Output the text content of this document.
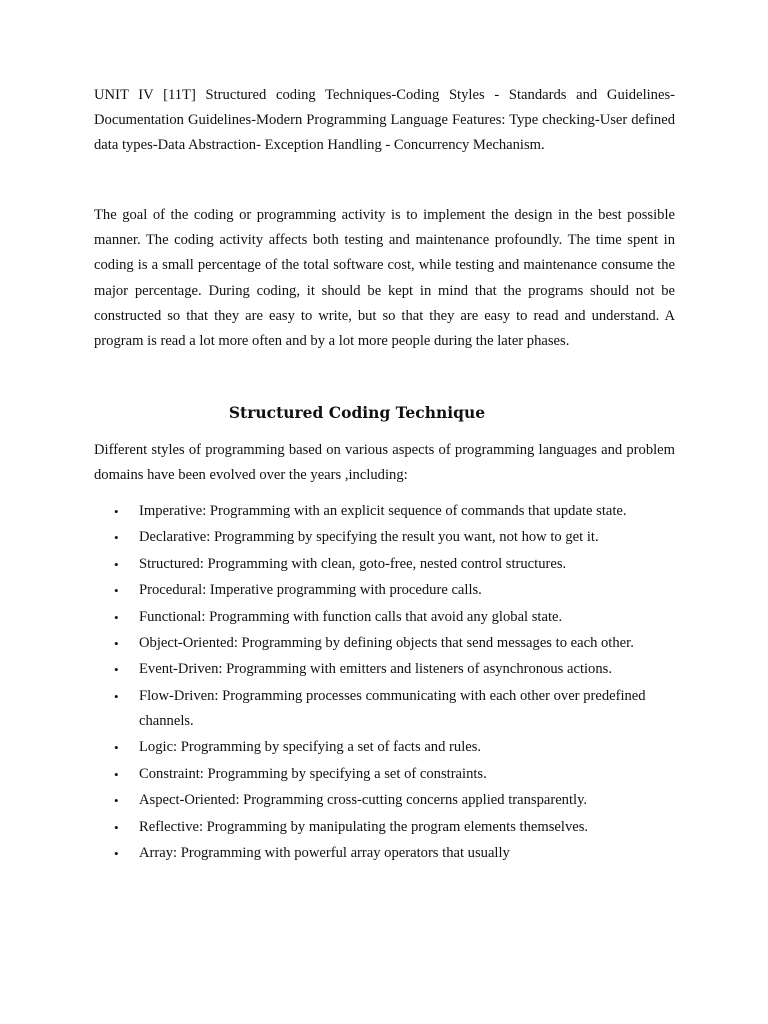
UNIT IV [11T] Structured coding Techniques-Coding Styles - Standards and Guidelines- Documentation Guidelines-Modern Programming Language Features: Type checking-User defined data types-Data Abstraction- Exception Handling - Concurrency Mechanism.
The goal of the coding or programming activity is to implement the design in the best possible manner. The coding activity affects both testing and maintenance profoundly. The time spent in coding is a small percentage of the total software cost, while testing and maintenance consume the major percentage. During coding, it should be kept in mind that the programs should not be constructed so that they are easy to write, but so that they are easy to read and understand. A program is read a lot more often and by a lot more people during the later phases.
Structured Coding Technique
Different styles of programming based on various aspects of programming languages and problem domains have been evolved over the years ,including:
• Imperative: Programming with an explicit sequence of commands that update state.
• Declarative: Programming by specifying the result you want, not how to get it.
• Structured: Programming with clean, goto-free, nested control structures.
• Procedural: Imperative programming with procedure calls.
• Functional: Programming with function calls that avoid any global state.
• Object-Oriented: Programming by defining objects that send messages to each other.
• Event-Driven: Programming with emitters and listeners of asynchronous actions.
• Flow-Driven: Programming processes communicating with each other over predefined channels.
• Logic: Programming by specifying a set of facts and rules.
• Constraint: Programming by specifying a set of constraints.
• Aspect-Oriented: Programming cross-cutting concerns applied transparently.
• Reflective: Programming by manipulating the program elements themselves.
• Array: Programming with powerful array operators that usually
